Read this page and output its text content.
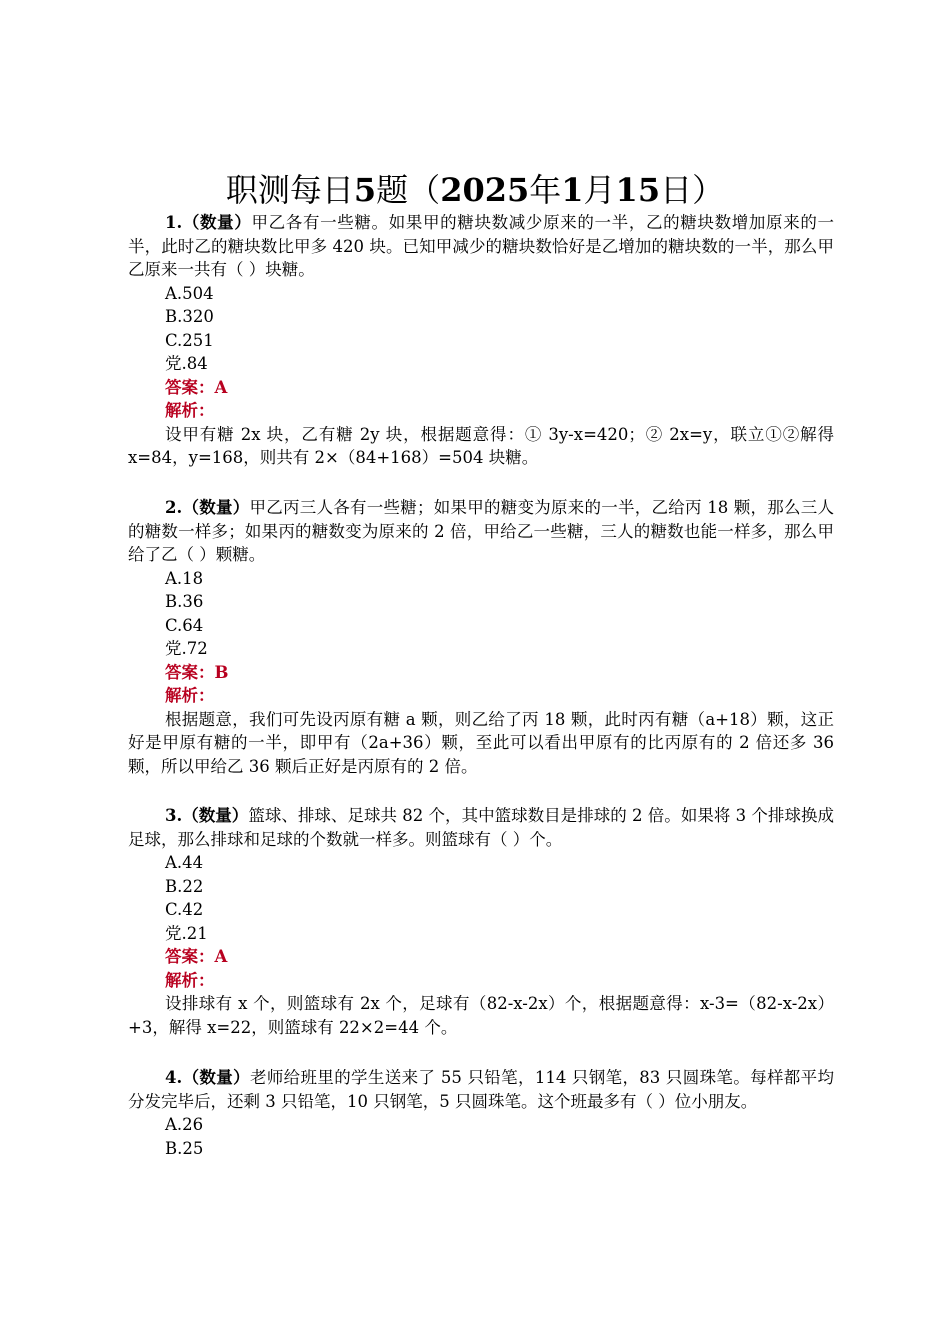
职测每日5题（2025年1月15日）

1.（数量）甲乙各有一些糖。如果甲的糖块数减少原来的一半，乙的糖块数增加原来的一半，此时乙的糖块数比甲多 420 块。已知甲减少的糖块数恰好是乙增加的糖块数的一半，那么甲乙原来一共有（ ）块糖。

A.504

B.320

C.251

党.84

答案：A

解析：

设甲有糖 2x 块，乙有糖 2y 块，根据题意得：① 3y-x=420；② 2x=y，联立①②解得 x=84，y=168，则共有 2×（84+168）=504 块糖。

2.（数量）甲乙丙三人各有一些糖；如果甲的糖变为原来的一半，乙给丙 18 颗，那么三人的糖数一样多；如果丙的糖数变为原来的 2 倍，甲给乙一些糖，三人的糖数也能一样多，那么甲给了乙（ ）颗糖。

A.18

B.36

C.64

党.72

答案：B

解析：

根据题意，我们可先设丙原有糖 a 颗，则乙给了丙 18 颗，此时丙有糖（a+18）颗，这正好是甲原有糖的一半，即甲有（2a+36）颗，至此可以看出甲原有的比丙原有的 2 倍还多 36 颗，所以甲给乙 36 颗后正好是丙原有的 2 倍。

3.（数量）篮球、排球、足球共 82 个，其中篮球数目是排球的 2 倍。如果将 3 个排球换成足球，那么排球和足球的个数就一样多。则篮球有（ ）个。

A.44

B.22

C.42

党.21

答案：A

解析：

设排球有 x 个，则篮球有 2x 个，足球有（82-x-2x）个，根据题意得：x-3=（82-x-2x）+3，解得 x=22，则篮球有 22×2=44 个。

4.（数量）老师给班里的学生送来了 55 只铅笔，114 只钢笔，83 只圆珠笔。每样都平均分发完毕后，还剩 3 只铅笔，10 只钢笔，5 只圆珠笔。这个班最多有（ ）位小朋友。

A.26

B.25
